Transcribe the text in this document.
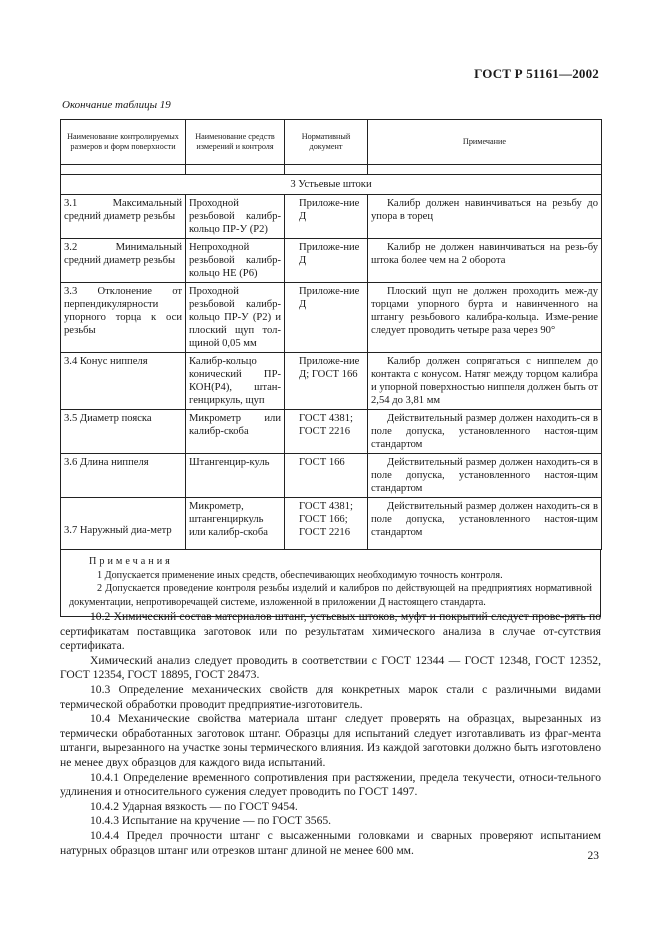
ГОСТ Р 51161—2002
Окончание таблицы 19
Наименование контролируемых размеров и форм поверхности	Наименование средств измерений и контроля	Нормативный документ	Примечание

3 Устьевые штоки			
3.1 Максимальный средний диаметр резьбы	Проходной резьбовой калибр-кольцо ПР-У (Р2)	Приложе-ние Д	Калибр должен навинчиваться на резьбу до упора в торец
3.2 Минимальный средний диаметр резьбы	Непроходной резьбовой калибр-кольцо НЕ (Р6)	Приложе-ние Д	Калибр не должен навинчиваться на резь-бу штока более чем на 2 оборота
3.3 Отклонение от перпендикулярности упорного торца к оси резьбы	Проходной резьбовой калибр-кольцо ПР-У (Р2) и плоский щуп тол-щиной 0,05 мм	Приложе-ние Д	Плоский щуп не должен проходить меж-ду торцами упорного бурта и навинченного на штангу резьбового калибра-кольца. Изме-рение следует проводить четыре раза через 90°
3.4 Конус ниппеля	Калибр-кольцо конический ПР-КОН(Р4), штан-генциркуль, щуп	Приложе-ние Д; ГОСТ 166	Калибр должен сопрягаться с ниппелем до контакта с конусом. Натяг между торцом калибра и упорной поверхностью ниппеля должен быть от 2,54 до 3,81 мм
3.5 Диаметр пояска	Микрометр или калибр-скоба	ГОСТ 4381; ГОСТ 2216	Действительный размер должен находить-ся в поле допуска, установленного настоя-щим стандартом
3.6 Длина ниппеля	Штангенцир-куль	ГОСТ 166	Действительный размер должен находить-ся в поле допуска, установленного настоя-щим стандартом
3.7 Наружный диа-метр	Микрометр, штангенциркуль или калибр-скоба	ГОСТ 4381; ГОСТ 166; ГОСТ 2216	Действительный размер должен находить-ся в поле допуска, установленного настоя-щим стандартом
Примечания

1 Допускается применение иных средств, обеспечивающих необходимую точность контроля.

2 Допускается проведение контроля резьбы изделий и калибров по действующей на предприятиях нормативной документации, непротиворечащей системе, изложенной в приложении Д настоящего стандарта.

10.2 Химический состав материалов штанг, устьевых штоков, муфт и покрытий следует прове-рять по сертификатам поставщика заготовок или по результатам химического анализа в случае от-сутствия сертификата.

Химический анализ следует проводить в соответствии с ГОСТ 12344 — ГОСТ 12348, ГОСТ 12352, ГОСТ 12354, ГОСТ 18895, ГОСТ 28473.

10.3 Определение механических свойств для конкретных марок стали с различными видами термической обработки проводит предприятие-изготовитель.

10.4 Механические свойства материала штанг следует проверять на образцах, вырезанных из термически обработанных заготовок штанг. Образцы для испытаний следует изготавливать из фраг-мента штанги, вырезанного на участке зоны термического влияния. Из каждой заготовки должно быть изготовлено не менее двух образцов для каждого вида испытаний.

10.4.1 Определение временного сопротивления при растяжении, предела текучести, относи-тельного удлинения и относительного сужения следует проводить по ГОСТ 1497.

10.4.2 Ударная вязкость — по ГОСТ 9454.

10.4.3 Испытание на кручение — по ГОСТ 3565.

10.4.4 Предел прочности штанг с высаженными головками и сварных проверяют испытанием натурных образцов штанг или отрезков штанг длиной не менее 600 мм.	23
